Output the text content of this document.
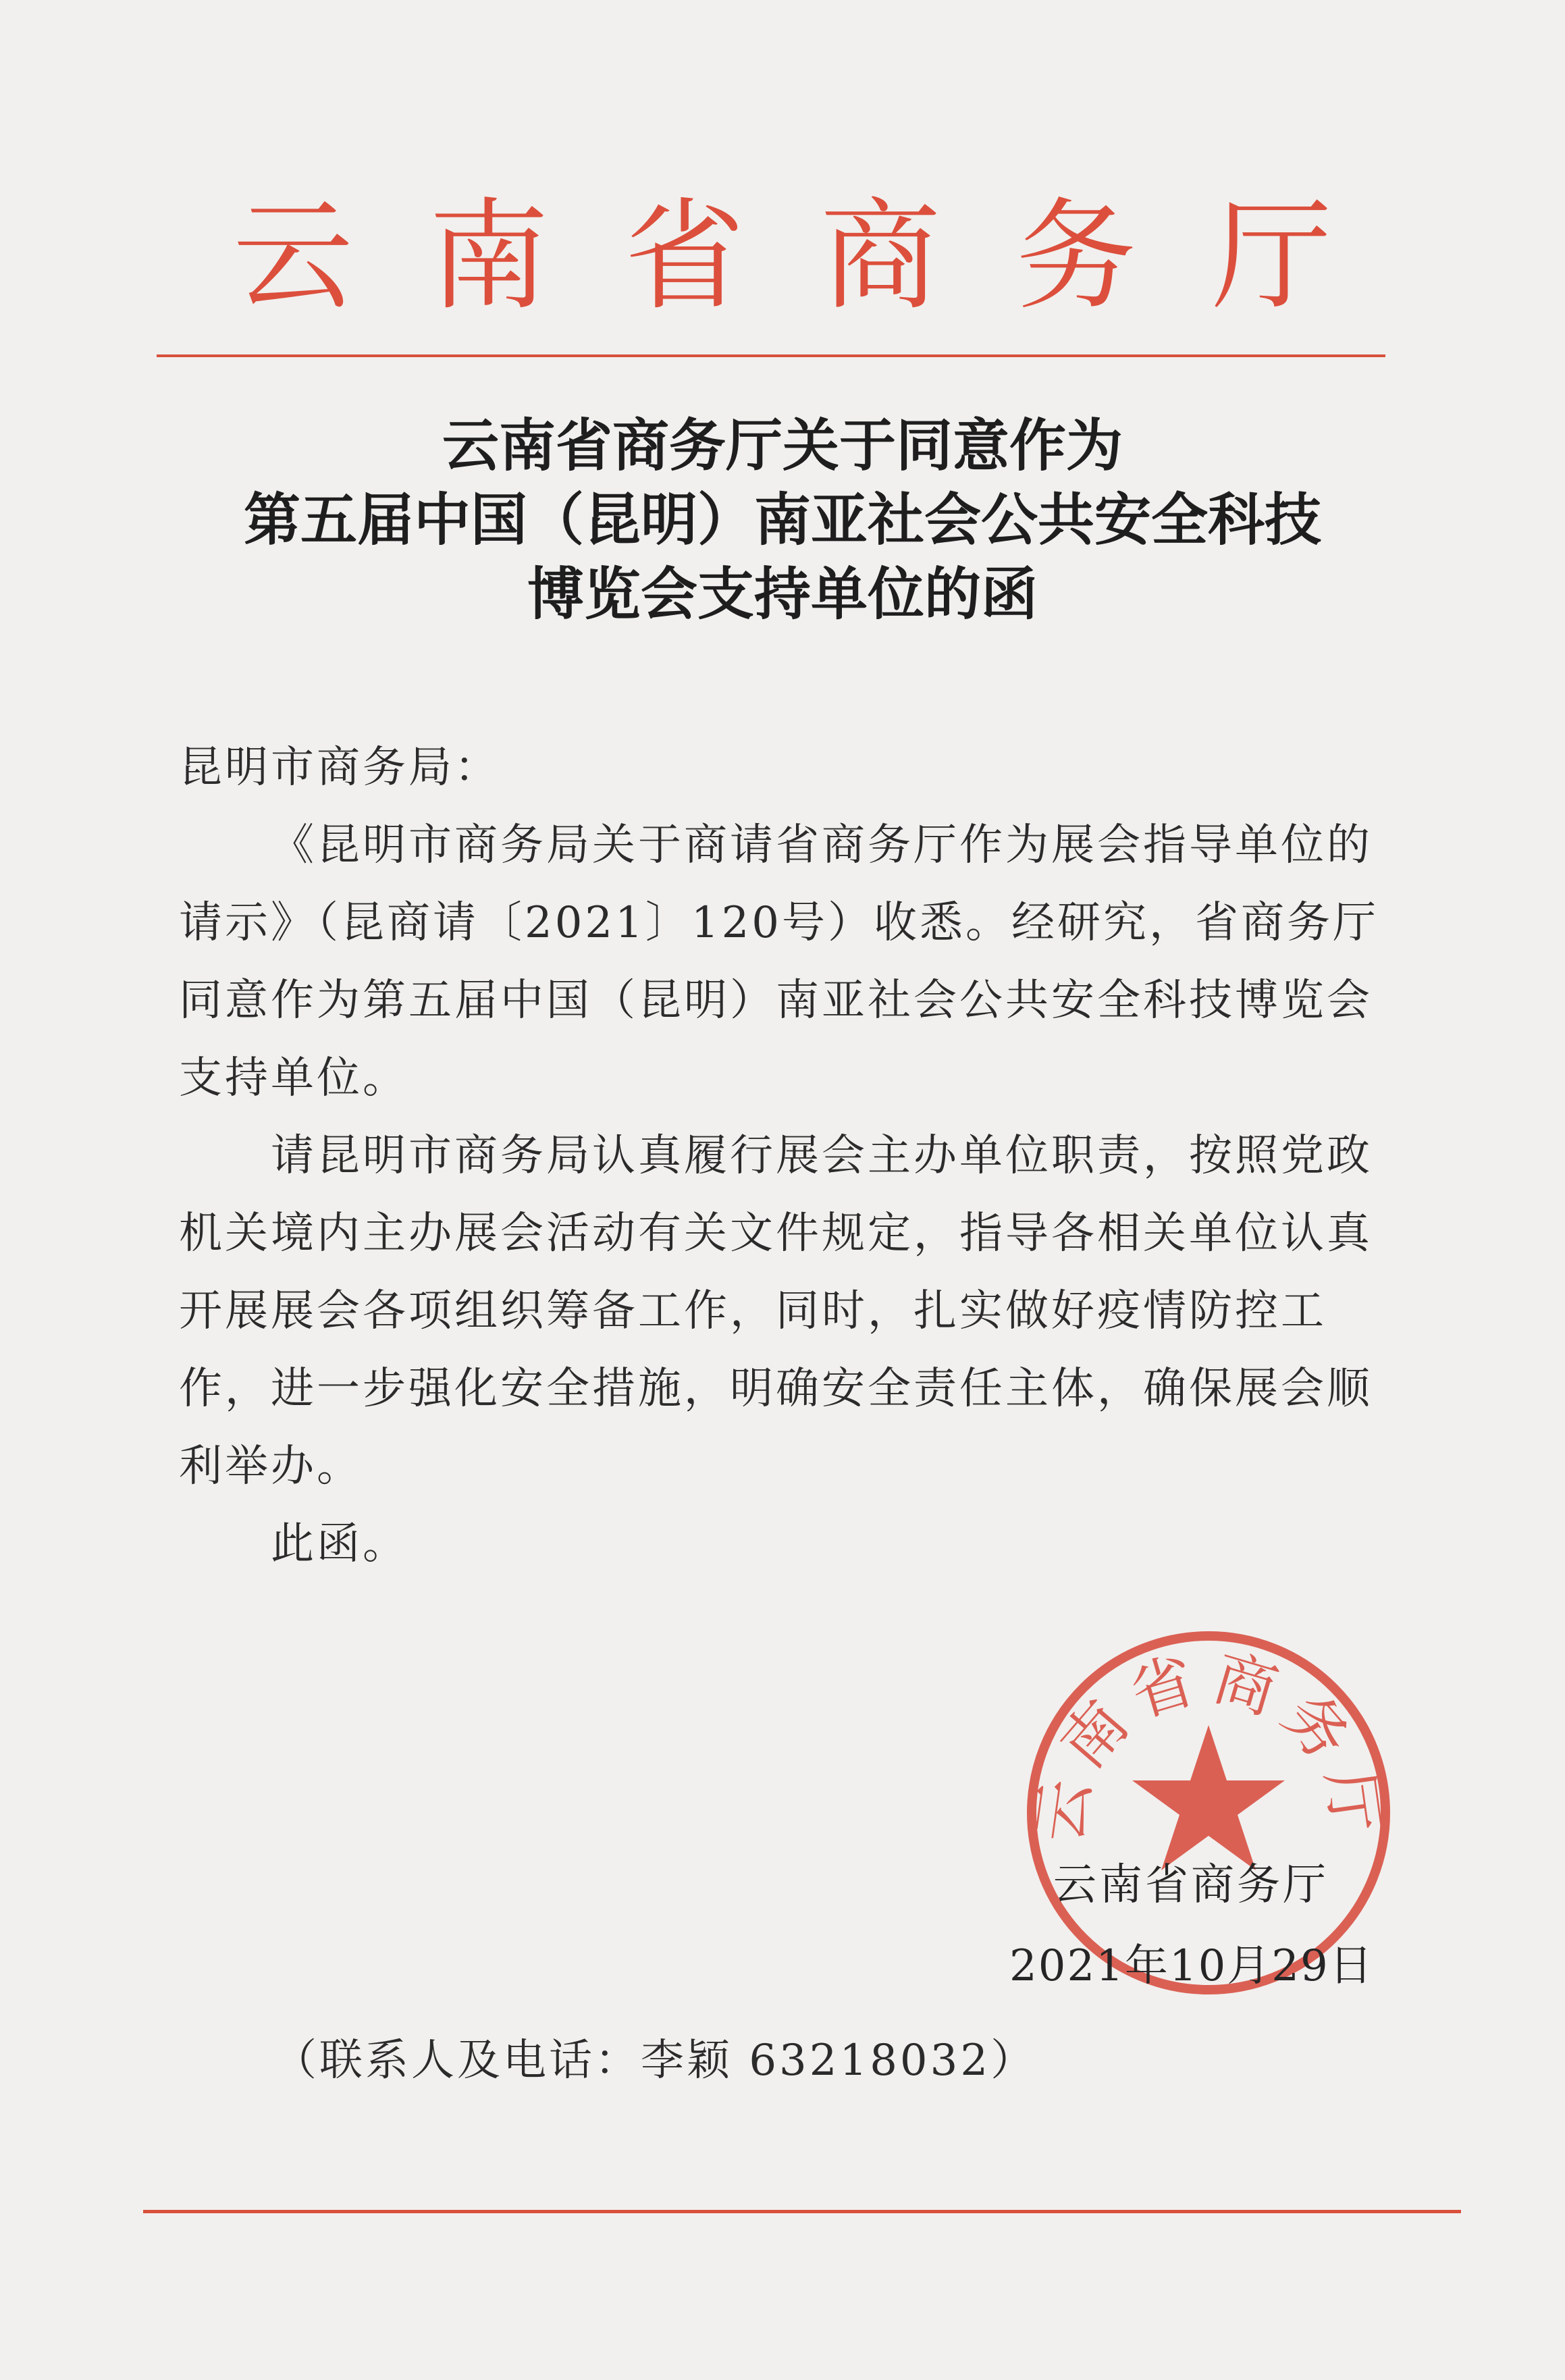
云南省商务厅
云南省商务厅关于同意作为
第五届中国（昆明）南亚社会公共安全科技
博览会支持单位的函

昆明市商务局：

《昆明市商务局关于商请省商务厅作为展会指导单位的请示》（昆商请〔2021〕120号）收悉。经研究，省商务厅同意作为第五届中国（昆明）南亚社会公共安全科技博览会支持单位。

请昆明市商务局认真履行展会主办单位职责，按照党政机关境内主办展会活动有关文件规定，指导各相关单位认真开展展会各项组织筹备工作，同时，扎实做好疫情防控工作，进一步强化安全措施，明确安全责任主体，确保展会顺利举办。

此函。

云南省商务厅
云南省商务厅
2021年10月29日
（联系人及电话：李颖 63218032）
